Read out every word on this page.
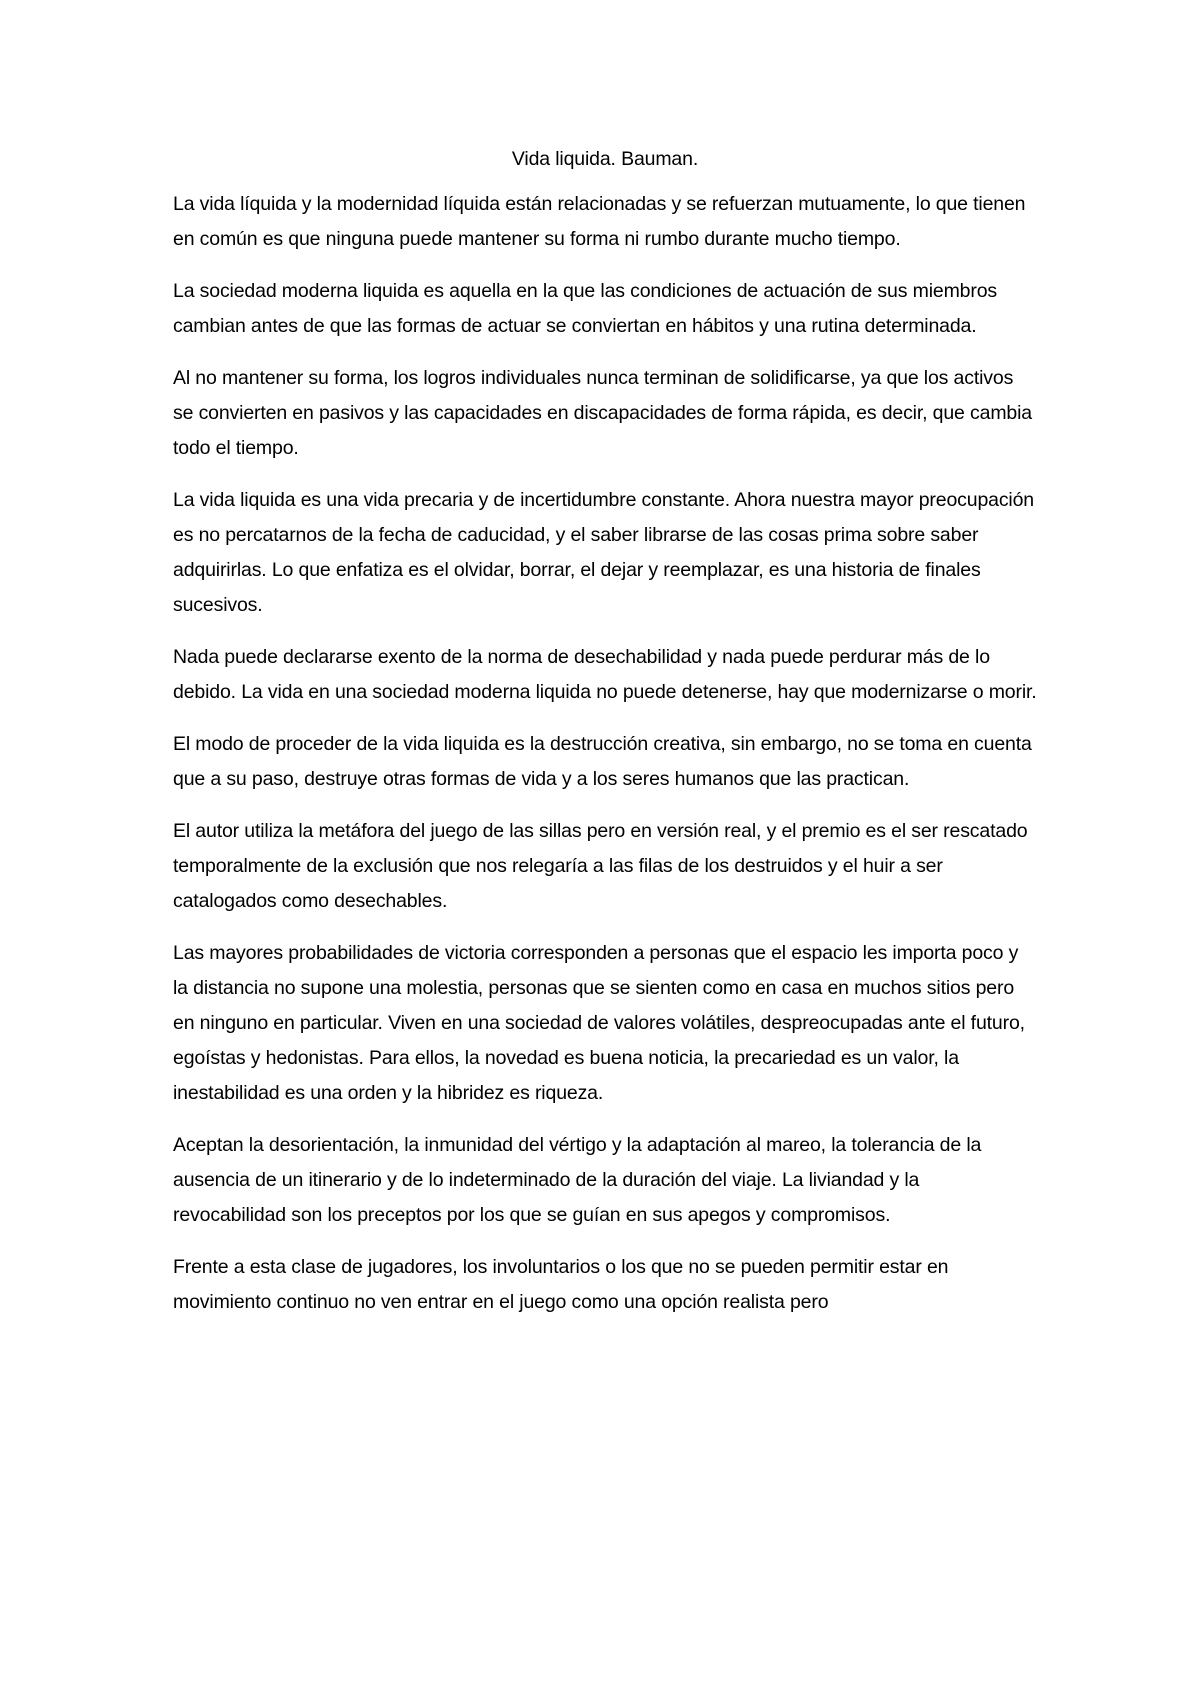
Vida liquida. Bauman.

La vida líquida y la modernidad líquida están relacionadas y se refuerzan mutuamente, lo que tienen en común es que ninguna puede mantener su forma ni rumbo durante mucho tiempo.

La sociedad moderna liquida es aquella en la que las condiciones de actuación de sus miembros cambian antes de que las formas de actuar se conviertan en hábitos y una rutina determinada.

Al no mantener su forma, los logros individuales nunca terminan de solidificarse, ya que los activos se convierten en pasivos y las capacidades en discapacidades de forma rápida, es decir, que cambia todo el tiempo.

La vida liquida es una vida precaria y de incertidumbre constante. Ahora nuestra mayor preocupación es no percatarnos de la fecha de caducidad, y el saber librarse de las cosas prima sobre saber adquirirlas. Lo que enfatiza es el olvidar, borrar, el dejar y reemplazar, es una historia de finales sucesivos.

Nada puede declararse exento de la norma de desechabilidad y nada puede perdurar más de lo debido. La vida en una sociedad moderna liquida no puede detenerse, hay que modernizarse o morir.

El modo de proceder de la vida liquida es la destrucción creativa, sin embargo, no se toma en cuenta que a su paso, destruye otras formas de vida y a los seres humanos que las practican.

El autor utiliza la metáfora del juego de las sillas pero en versión real, y el premio es el ser rescatado temporalmente de la exclusión que nos relegaría a las filas de los destruidos y el huir a ser catalogados como desechables.

Las mayores probabilidades de victoria corresponden a personas que el espacio les importa poco y la distancia no supone una molestia, personas que se sienten como en casa en muchos sitios pero en ninguno en particular. Viven en una sociedad de valores volátiles, despreocupadas ante el futuro, egoístas y hedonistas. Para ellos, la novedad es buena noticia, la precariedad es un valor, la inestabilidad es una orden y la hibridez es riqueza.

Aceptan la desorientación, la inmunidad del vértigo y la adaptación al mareo, la tolerancia de la ausencia de un itinerario y de lo indeterminado de la duración del viaje. La liviandad y la revocabilidad son los preceptos por los que se guían en sus apegos y compromisos.

Frente a esta clase de jugadores, los involuntarios o los que no se pueden permitir estar en movimiento continuo no ven entrar en el juego como una opción realista pero
